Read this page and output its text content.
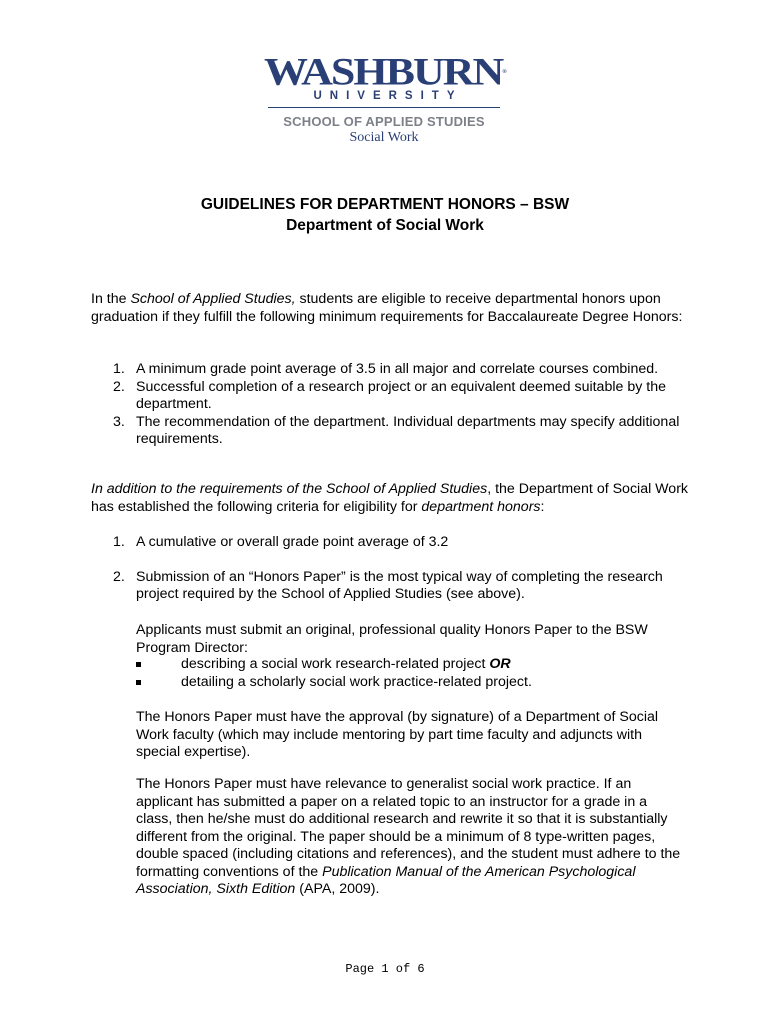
WASHBURN®
UNIVERSITY
SCHOOL OF APPLIED STUDIES
Social Work
GUIDELINES FOR DEPARTMENT HONORS – BSW
Department of Social Work
In the School of Applied Studies, students are eligible to receive departmental honors upon graduation if they fulfill the following minimum requirements for Baccalaureate Degree Honors:
1. A minimum grade point average of 3.5 in all major and correlate courses combined.
2. Successful completion of a research project or an equivalent deemed suitable by the department.
3. The recommendation of the department. Individual departments may specify additional requirements.
In addition to the requirements of the School of Applied Studies, the Department of Social Work has established the following criteria for eligibility for department honors:
1. A cumulative or overall grade point average of 3.2
2. Submission of an “Honors Paper” is the most typical way of completing the research project required by the School of Applied Studies (see above).
Applicants must submit an original, professional quality Honors Paper to the BSW Program Director:
describing a social work research-related project OR
detailing a scholarly social work practice-related project.
The Honors Paper must have the approval (by signature) of a Department of Social Work faculty (which may include mentoring by part time faculty and adjuncts with special expertise).
The Honors Paper must have relevance to generalist social work practice. If an applicant has submitted a paper on a related topic to an instructor for a grade in a class, then he/she must do additional research and rewrite it so that it is substantially different from the original. The paper should be a minimum of 8 type-written pages, double spaced (including citations and references), and the student must adhere to the formatting conventions of the Publication Manual of the American Psychological Association, Sixth Edition (APA, 2009).
Page 1 of 6
